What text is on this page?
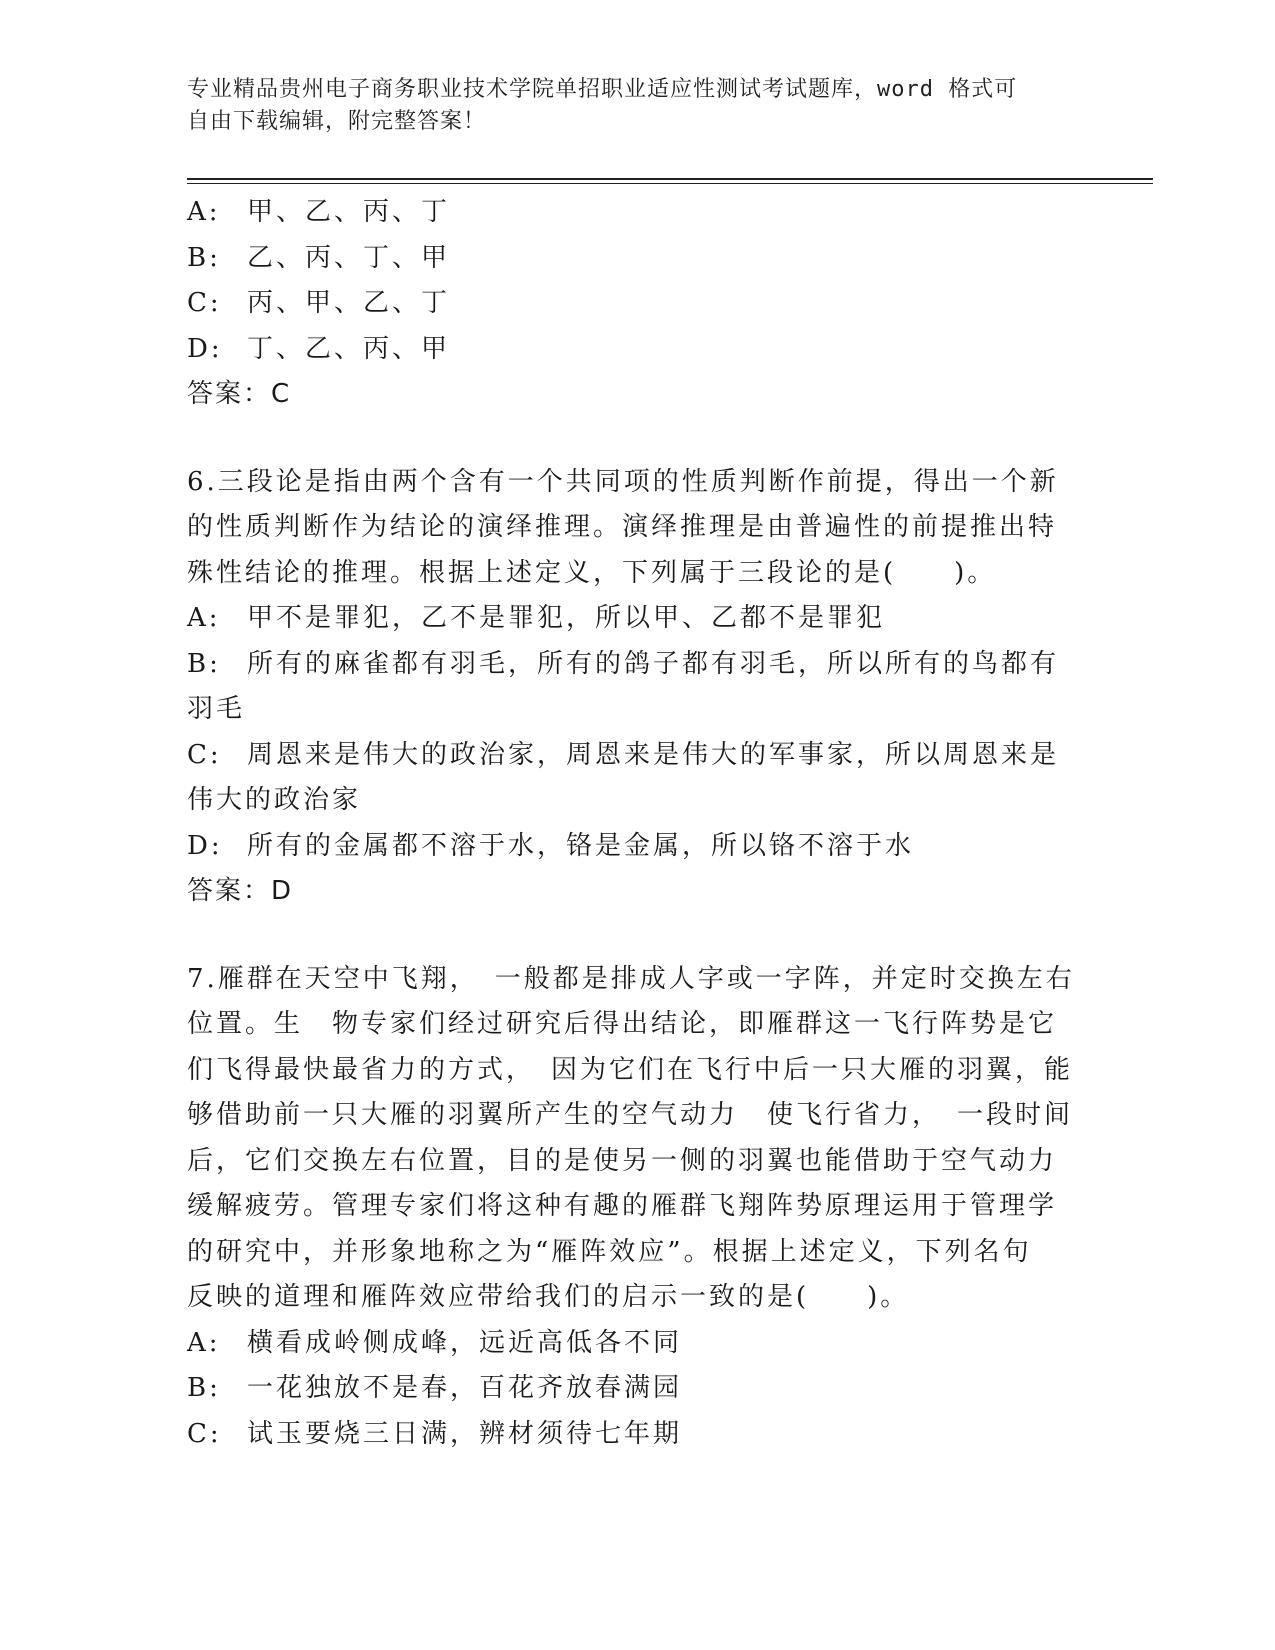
专业精品贵州电子商务职业技术学院单招职业适应性测试考试题库，word 格式可
自由下载编辑，附完整答案！
A:	甲、乙、丙、丁
B:	乙、丙、丁、甲
C: 丙、甲、乙、丁
D: 丁、乙、丙、甲
答案：C
6.三段论是指由两个含有一个共同项的性质判断作前提，得出一个新
的性质判断作为结论的演绎推理。演绎推理是由普遍性的前提推出特
殊性结论的推理。根据上述定义，下列属于三段论的是(　　)。
A:	甲不是罪犯，乙不是罪犯，所以甲、乙都不是罪犯
B:	所有的麻雀都有羽毛，所有的鸽子都有羽毛，所以所有的鸟都有
羽毛
C: 周恩来是伟大的政治家，周恩来是伟大的军事家，所以周恩来是
伟大的政治家
D: 所有的金属都不溶于水，铬是金属，所以铬不溶于水
答案：D
7.雁群在天空中飞翔，　一般都是排成人字或一字阵，并定时交换左右
位置。生　物专家们经过研究后得出结论，即雁群这一飞行阵势是它
们飞得最快最省力的方式，　因为它们在飞行中后一只大雁的羽翼，能
够借助前一只大雁的羽翼所产生的空气动力　使飞行省力，　一段时间
后，它们交换左右位置，目的是使另一侧的羽翼也能借助于空气动力
缓解疲劳。管理专家们将这种有趣的雁群飞翔阵势原理运用于管理学
的研究中，并形象地称之为“雁阵效应”。根据上述定义，下列名句
反映的道理和雁阵效应带给我们的启示一致的是(　　)。
A:	横看成岭侧成峰，远近高低各不同
B:	一花独放不是春，百花齐放春满园
C: 试玉要烧三日满，辨材须待七年期
